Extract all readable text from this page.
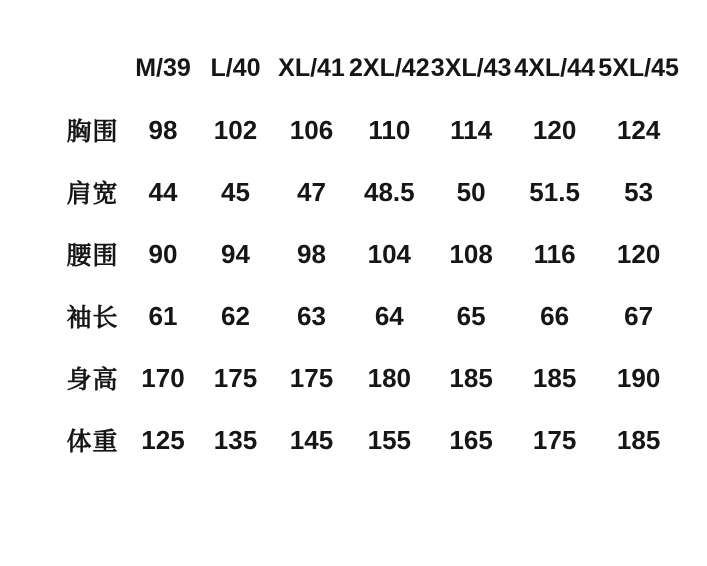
	M/39	L/40	XL/41	2XL/42	3XL/43	4XL/44	5XL/45
胸围	98	102	106	110	114	120	124
肩宽	44	45	47	48.5	50	51.5	53
腰围	90	94	98	104	108	116	120
袖长	61	62	63	64	65	66	67
身高	170	175	175	180	185	185	190
体重	125	135	145	155	165	175	185
